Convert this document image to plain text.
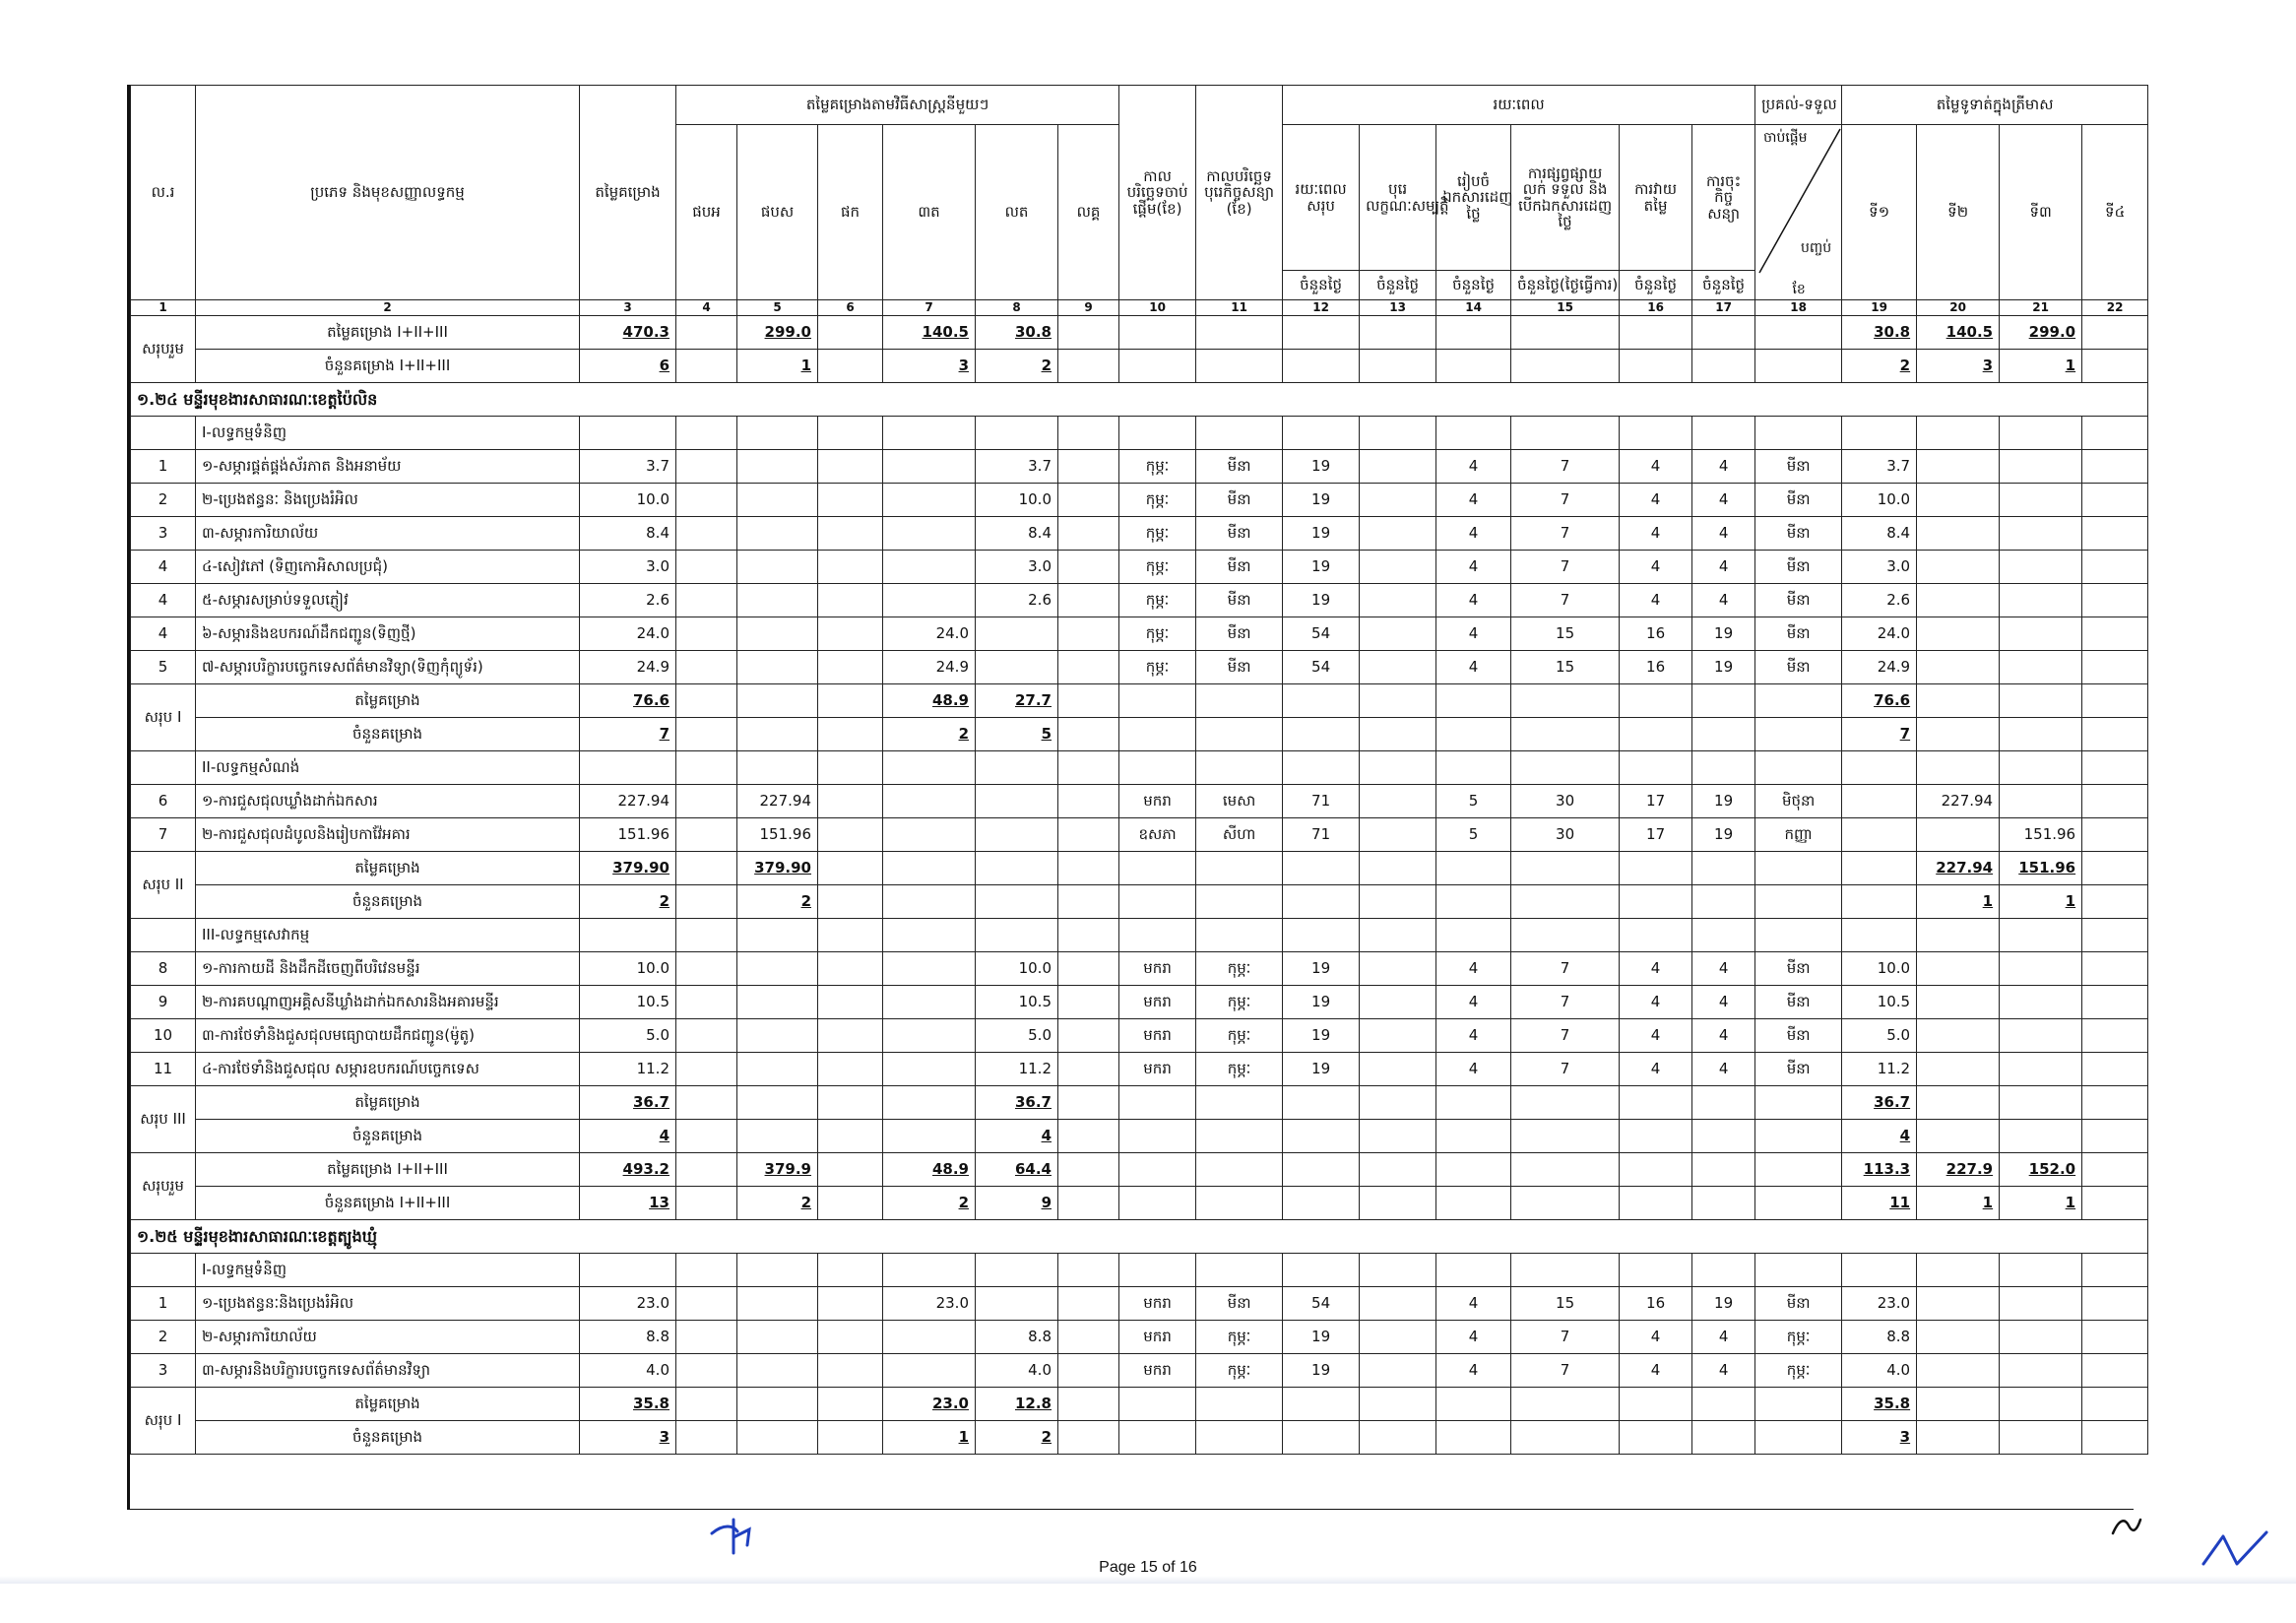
ល.រ	ប្រភេទ និងមុខសញ្ញាលទ្ធកម្ម	តម្លៃគម្រោង	តម្លៃគម្រោងតាមវិធីសាស្ត្រនីមួយៗ						កាលបរិច្ឆេទចាប់ផ្តើម(ខែ)	កាលបរិច្ឆេទបុរេកិច្ចសន្យា (ខែ)	រយៈពេល						ប្រគល់-ទទួល	តម្លៃទូទាត់ក្នុងត្រីមាស			
			ផបអ	ផបស	ផក	៣ត	លត	លគ្គ			រយៈពេលសរុប	បុរេលក្ខណៈសម្បត្តិ	រៀបចំឯកសារដេញថ្លៃ	ការផ្សព្វផ្សាយ លក់ ទទួល និង បើកឯកសារដេញថ្លៃ	ការវាយតម្លៃ	ការចុះកិច្ចសន្យា	ចាប់ផ្តើម
បញ្ចប់
ខែ	ទី១	ទី២	ទី៣	ទី៤
											ចំនួនថ្ងៃ	ចំនួនថ្ងៃ	ចំនួនថ្ងៃ	ចំនួនថ្ងៃ(ថ្ងៃធ្វើការ)	ចំនួនថ្ងៃ	ចំនួនថ្ងៃ					
1	2	3	4	5	6	7	8	9	10	11	12	13	14	15	16	17	18	19	20	21	22
សរុបរួម	តម្លៃគម្រោង I+II+III	470.3		299.0		140.5	30.8											30.8	140.5	299.0	
	ចំនួនគម្រោង I+II+III	6		1		3	2											2	3	1	
១.២៤ មន្ទីរមុខងារសាធារណៈខេត្តប៉ៃលិន																					
	I-លទ្ធកម្មទំនិញ																				
1	១-សម្ភារផ្គត់ផ្គង់ស័រភាត និងអនាម័យ	3.7					3.7		កុម្ភៈ	មីនា	19		4	7	4	4	មីនា	3.7			
2	២-ប្រេងឥន្ធនៈ និងប្រេងរំអិល	10.0					10.0		កុម្ភៈ	មីនា	19		4	7	4	4	មីនា	10.0			
3	៣-សម្ភារការិយាល័យ	8.4					8.4		កុម្ភៈ	មីនា	19		4	7	4	4	មីនា	8.4			
4	៤-សៀវភៅ (ទិញកោអិសាលប្រជុំ)	3.0					3.0		កុម្ភៈ	មីនា	19		4	7	4	4	មីនា	3.0			
4	៥-សម្ភារសម្រាប់ទទួលភ្ញៀវ	2.6					2.6		កុម្ភៈ	មីនា	19		4	7	4	4	មីនា	2.6			
4	៦-សម្ភារនិងឧបករណ៍ដឹកជញ្ជូន(ទិញថ្មី)	24.0				24.0			កុម្ភៈ	មីនា	54		4	15	16	19	មីនា	24.0			
5	៧-សម្ភារបរិក្ខារបច្ចេកទេសព័ត៌មានវិទ្យា(ទិញកុំព្យូទ័រ)	24.9				24.9			កុម្ភៈ	មីនា	54		4	15	16	19	មីនា	24.9			
សរុប I	តម្លៃគម្រោង	76.6				48.9	27.7											76.6			
	ចំនួនគម្រោង	7				2	5											7			
	II-លទ្ធកម្មសំណង់																				
6	១-ការជួសជុលឃ្លាំងដាក់ឯកសារ	227.94		227.94					មករា	មេសា	71		5	30	17	19	មិថុនា		227.94		
7	២-ការជួសជុលដំបូលនិងរៀបកាវ៉ែអគារ	151.96		151.96					ឧសភា	សីហា	71		5	30	17	19	កញ្ញា			151.96	
សរុប II	តម្លៃគម្រោង	379.90		379.90															227.94	151.96	
	ចំនួនគម្រោង	2		2															1	1	
	III-លទ្ធកម្មសេវាកម្ម																				
8	១-ការកាយដី និងដឹកដីចេញពីបរិវេនមន្ទីរ	10.0					10.0		មករា	កុម្ភៈ	19		4	7	4	4	មីនា	10.0			
9	២-ការគបណ្តាញអគ្គិសនីឃ្លាំងដាក់ឯកសារនិងអគារមន្ទីរ	10.5					10.5		មករា	កុម្ភៈ	19		4	7	4	4	មីនា	10.5			
10	៣-ការថែទាំនិងជួសជុលមធ្យោបាយដឹកជញ្ជូន(ម៉ូតូ)	5.0					5.0		មករា	កុម្ភៈ	19		4	7	4	4	មីនា	5.0			
11	៤-ការថែទាំនិងជួសជុល សម្ភារឧបករណ៍បច្ចេកទេស	11.2					11.2		មករា	កុម្ភៈ	19		4	7	4	4	មីនា	11.2			
សរុប III	តម្លៃគម្រោង	36.7					36.7											36.7			
	ចំនួនគម្រោង	4					4											4			
សរុបរួម	តម្លៃគម្រោង I+II+III	493.2		379.9		48.9	64.4											113.3	227.9	152.0	
	ចំនួនគម្រោង I+II+III	13		2		2	9											11	1	1	
១.២៥ មន្ទីរមុខងារសាធារណៈខេត្តត្បូងឃ្មុំ																					
	I-លទ្ធកម្មទំនិញ																				
1	១-ប្រេងឥន្ធនៈនិងប្រេងរំអិល	23.0				23.0			មករា	មីនា	54		4	15	16	19	មីនា	23.0			
2	២-សម្ភារការិយាល័យ	8.8					8.8		មករា	កុម្ភៈ	19		4	7	4	4	កុម្ភៈ	8.8			
3	៣-សម្ភារនិងបរិក្ខារបច្ចេកទេសព័ត៌មានវិទ្យា	4.0					4.0		មករា	កុម្ភៈ	19		4	7	4	4	កុម្ភៈ	4.0			
សរុប I	តម្លៃគម្រោង	35.8				23.0	12.8											35.8			
	ចំនួនគម្រោង	3				1	2											3			
Page 15 of 16
